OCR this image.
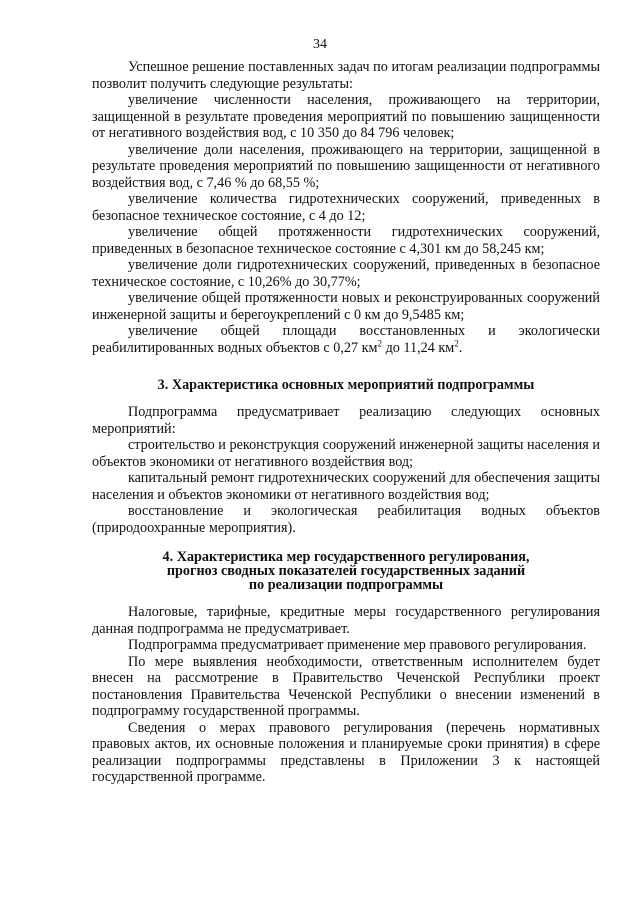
34

Успешное решение поставленных задач по итогам реализации подпрограммы позволит получить следующие результаты:

увеличение численности населения, проживающего на территории, защищенной в результате проведения мероприятий по повышению защищенности от негативного воздействия вод, с 10 350 до 84 796 человек;

увеличение доли населения, проживающего на территории, защищенной в результате проведения мероприятий по повышению защищенности от негативного воздействия вод, с 7,46 % до 68,55 %;

увеличение количества гидротехнических сооружений, приведенных в безопасное техническое состояние, с 4 до 12;

увеличение общей протяженности гидротехнических сооружений, приведенных в безопасное техническое состояние с 4,301 км до 58,245 км;

увеличение доли гидротехнических сооружений, приведенных в безопасное техническое состояние, с 10,26% до 30,77%;

увеличение общей протяженности новых и реконструированных сооружений инженерной защиты и берегоукреплений с 0 км до 9,5485 км;

увеличение общей площади восстановленных и экологически реабилитированных водных объектов с 0,27 $км^2$ до 11,24 $км^2$.

3. Характеристика основных мероприятий подпрограммы

Подпрограмма предусматривает реализацию следующих основных мероприятий:

строительство и реконструкция сооружений инженерной защиты населения и объектов экономики от негативного воздействия вод;

капитальный ремонт гидротехнических сооружений для обеспечения защиты населения и объектов экономики от негативного воздействия вод;

восстановление и экологическая реабилитация водных объектов (природоохранные мероприятия).

4. Характеристика мер государственного регулирования,
прогноз сводных показателей государственных заданий
по реализации подпрограммы

Налоговые, тарифные, кредитные меры государственного регулирования данная подпрограмма не предусматривает.

Подпрограмма предусматривает применение мер правового регулирования.

По мере выявления необходимости, ответственным исполнителем будет внесен на рассмотрение в Правительство Чеченской Республики проект постановления Правительства Чеченской Республики о внесении изменений в подпрограмму государственной программы.

Сведения о мерах правового регулирования (перечень нормативных правовых актов, их основные положения и планируемые сроки принятия) в сфере реализации подпрограммы представлены в Приложении 3 к настоящей государственной программе.
